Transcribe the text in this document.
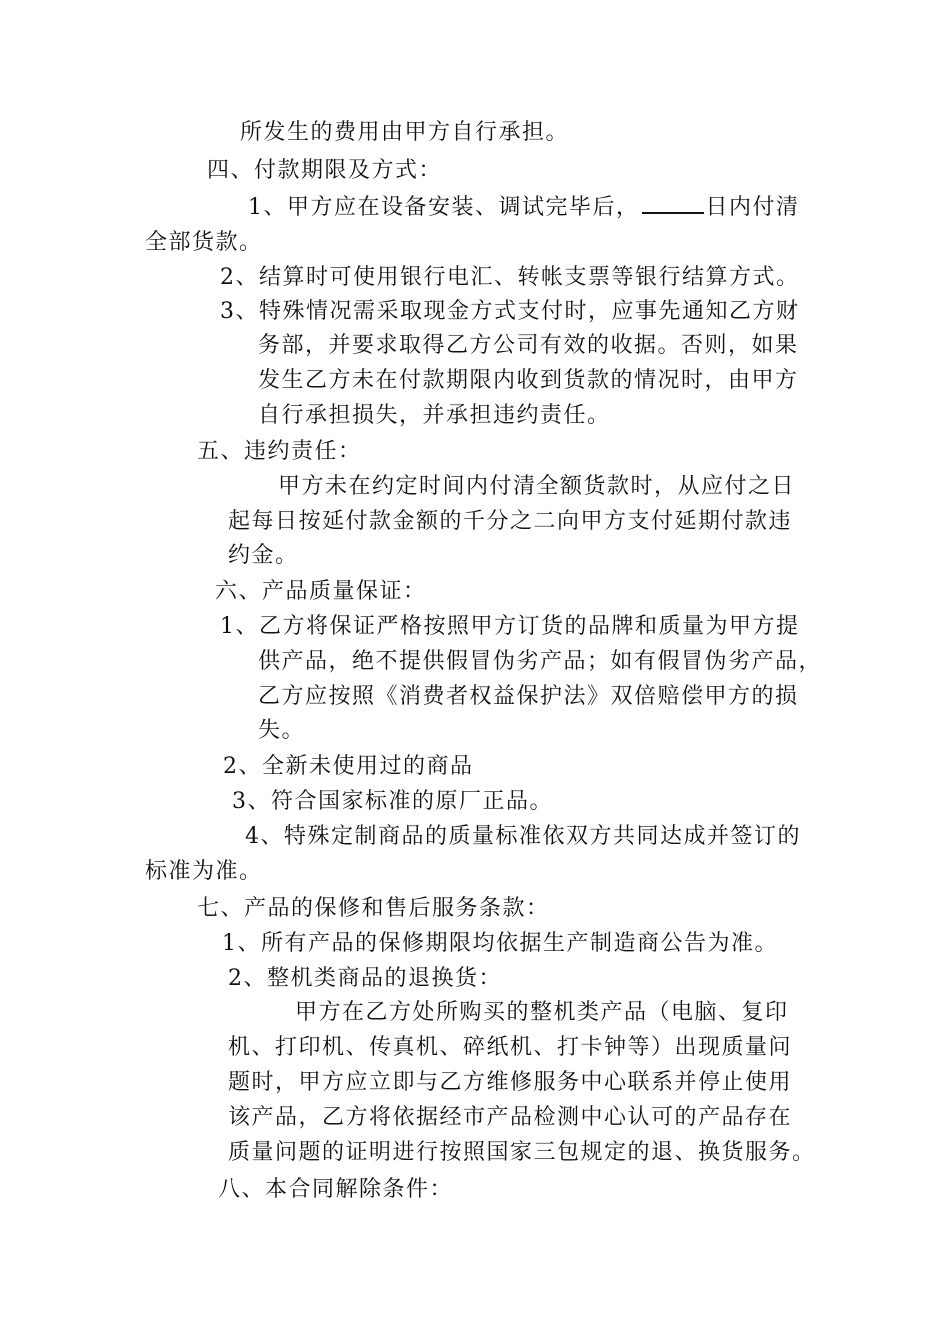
所发生的费用由甲方自行承担。
四、付款期限及方式：
1、甲方应在设备安装、调试完毕后，	日内付清
全部货款。
2、结算时可使用银行电汇、转帐支票等银行结算方式。
3、特殊情况需采取现金方式支付时，应事先通知乙方财
务部，并要求取得乙方公司有效的收据。否则，如果
发生乙方未在付款期限内收到货款的情况时，由甲方
自行承担损失，并承担违约责任。
五、违约责任：
甲方未在约定时间内付清全额货款时，从应付之日
起每日按延付款金额的千分之二向甲方支付延期付款违
约金。
六、产品质量保证：
1、乙方将保证严格按照甲方订货的品牌和质量为甲方提
供产品，绝不提供假冒伪劣产品；如有假冒伪劣产品，
乙方应按照《消费者权益保护法》双倍赔偿甲方的损
失。
2、全新未使用过的商品
3、符合国家标准的原厂正品。
4、特殊定制商品的质量标准依双方共同达成并签订的
标准为准。
七、产品的保修和售后服务条款：
1、所有产品的保修期限均依据生产制造商公告为准。
2、整机类商品的退换货：
甲方在乙方处所购买的整机类产品（电脑、复印
机、打印机、传真机、碎纸机、打卡钟等）出现质量问
题时，甲方应立即与乙方维修服务中心联系并停止使用
该产品，乙方将依据经市产品检测中心认可的产品存在
质量问题的证明进行按照国家三包规定的退、换货服务。
八、本合同解除条件：
